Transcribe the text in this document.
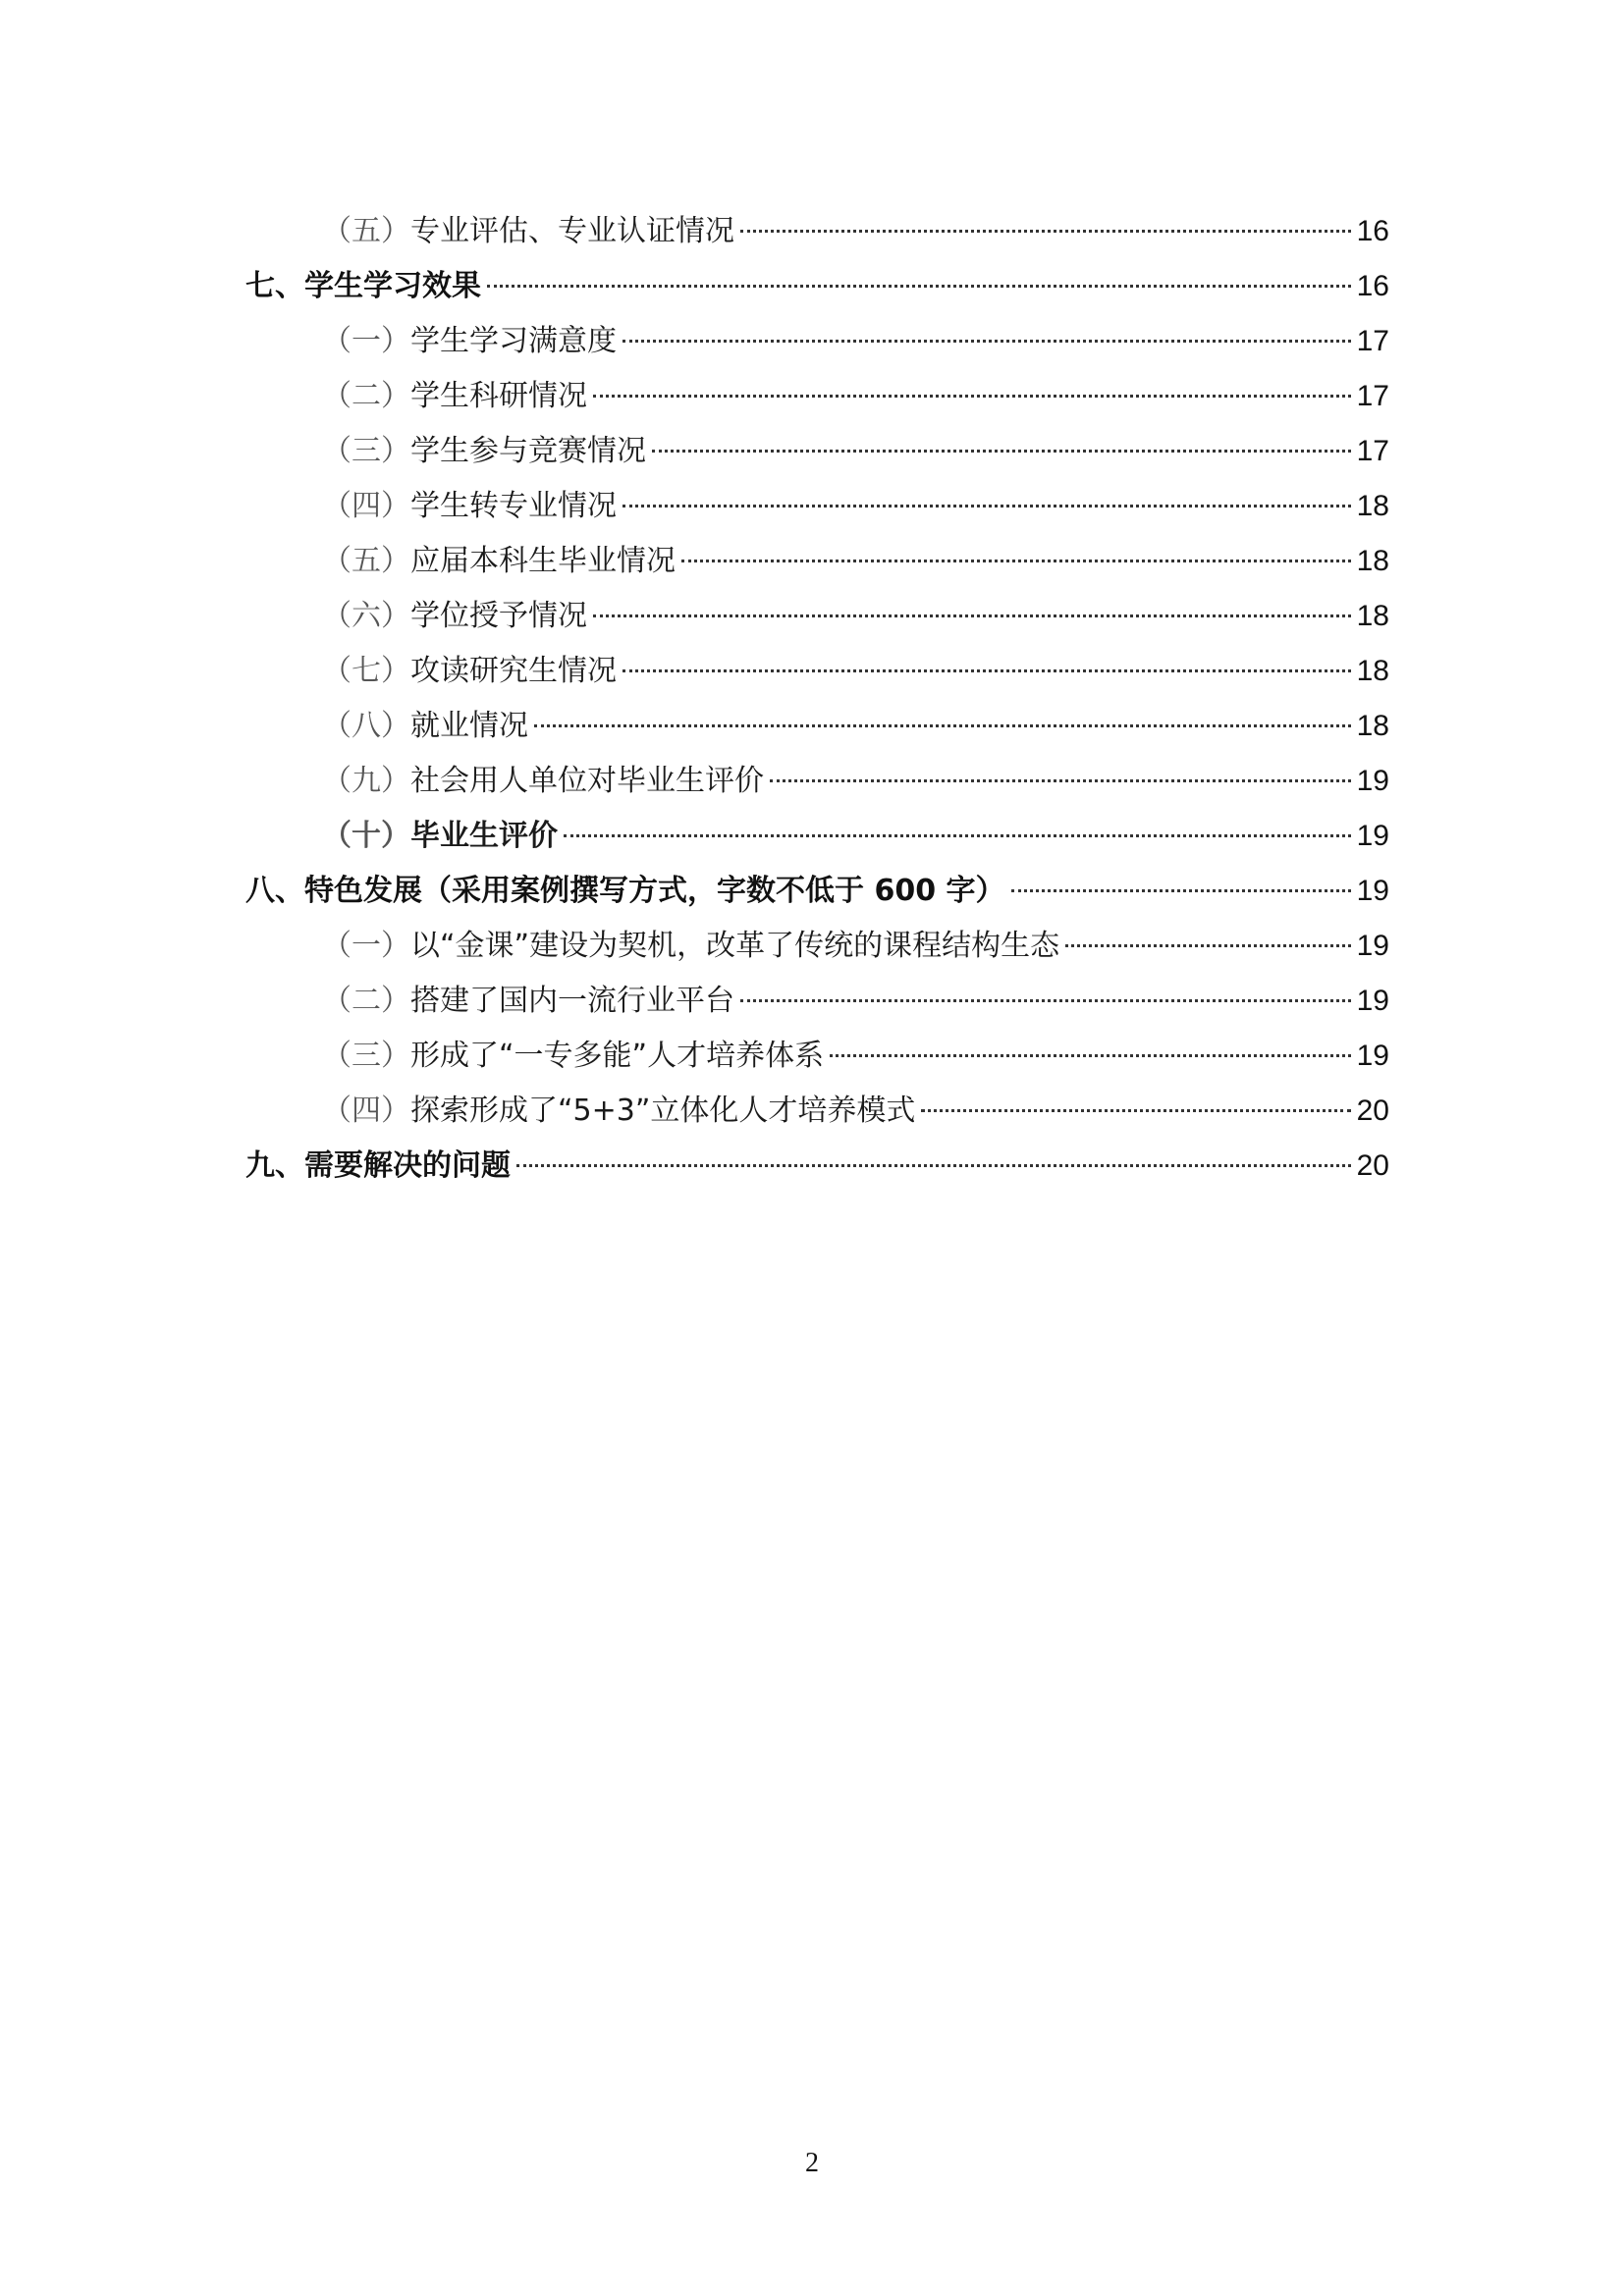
（五）专业评估、专业认证情况	16
七、学生学习效果	16
（一）学生学习满意度	17
（二）学生科研情况	17
（三）学生参与竞赛情况	17
（四）学生转专业情况	18
（五）应届本科生毕业情况	18
（六）学位授予情况	18
（七）攻读研究生情况	18
（八）就业情况	18
（九）社会用人单位对毕业生评价	19
（十）毕业生评价	19
八、特色发展（采用案例撰写方式，字数不低于 600 字）	19
（一）以“金课”建设为契机，改革了传统的课程结构生态	19
（二）搭建了国内一流行业平台	19
（三）形成了“一专多能”人才培养体系	19
（四）探索形成了“5+3”立体化人才培养模式	20
九、需要解决的问题	20
2
